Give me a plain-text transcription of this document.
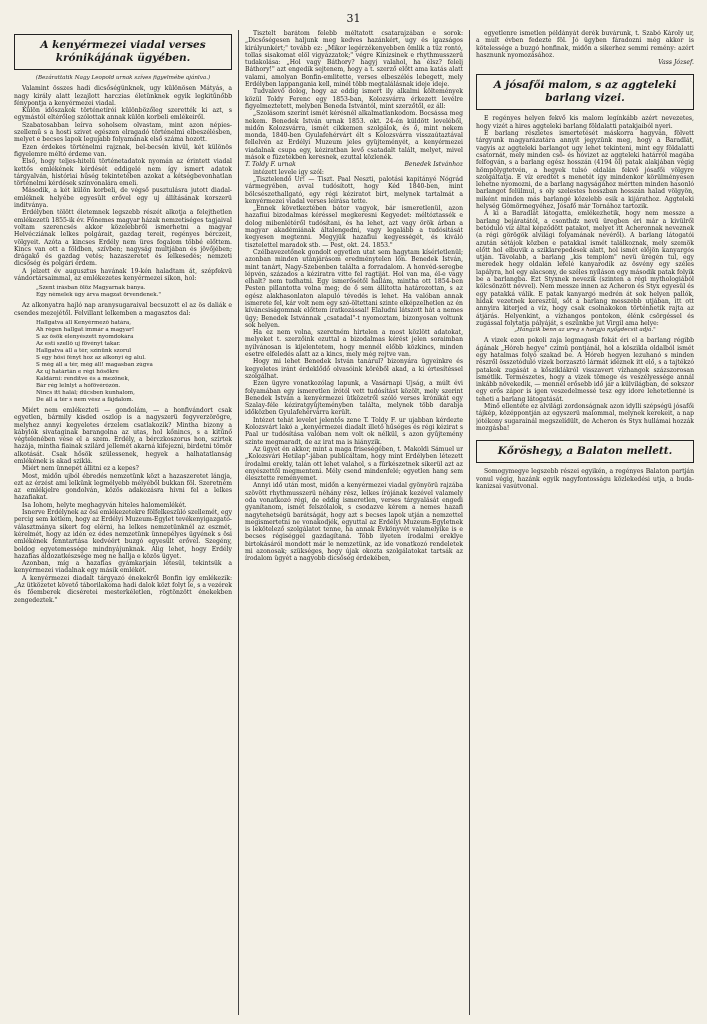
31
A kenyérmezei viadal verses krónikájának ügyében.

(Bezárattatik Nagy Leopold urnak szíves figyelmébe ajánlva.)

Valamint összes hadi dicsőségünknek, ugy különösen Mátyás, a nagy király alatt lezajlott harczias életünknek egyik legkitűnőbb fénypontja a kenyérmezei viadal.

Külön időszakok történetírói különbözőleg szerették ki azt, s egymástól eltérőleg szólottak annak külön korbeli emlékeiről.

Szabatosabban leírva soholsem olvastam, mint azon népies-szellemű s a hosti szivet egészen elragadó történelmi elbeszélésben, melyet e becses lapok legujabb folyamának első száma hozott.

Ezen érdekes történelmi rajznak, bel-becsén kivül, két különös figyelemre méltó érdeme van.

Első, hogy teljes-hitelü történetadatok nyomán az érintett viadal kettős emlékének kérdését eddigelé nem így ismert adatok tárgyalván, históriai hűség tekintetében azokat a kétségbevonhatlan történelmi kérdések színvonalára emeli.

Második, a két külön korbeli, de végső pusztulásra jutott diadal-emléknek helyébe egyesült erővel egy uj állításának korszerü inditványa.

Erdélyben tölött életemnek legszebb részét alkotja a felejthetlen emlékezetü 1855-ik év. Főnemes magyar házak nemzetiséges tagjaival voltam szerencsés akkor közelebbről ismerhetni a magyar Helvécziának lelkes polgárait, gazdag tereit, regényes bérczeit, völgyeit. Azóta a kincses Erdély nem üres fogalom többé előttem. Kincs van ott a földben, szívben; nagyság multjában és jövőjében; drágakő és gazdag vetés; hazaszeretet és lelkesedés; nemzeti dicsőség és polgári érdem.

A jelzett év augusztus havának 19-kén haladtam át, szépfekvü vándortársaimmal, az emlékezetes kenyérmezei sikon, hol:

„Szent írásban ölöz Magyarnak bánya.
Egy némelek úgy árva magzat örvendenek."

Az alkonyatra hajló nap aranysugaraival becsuzott el az ös daliák e csendes mezejétől. Felvillant lelkemben a magasztos dal:

Hallgatva áll Kenyérmező határa,
Ah régen hallgat immár a magyar!
S az ősök elenyészett nyomdokára
Az esti szellő uj fövényt takar.
Hallgatva áll a tér, színünk szorul
S egy hősi fényt hoz az alkonyi ég alul.
S még áll a tér, még áll! magasban zúgva
Az uj határtán e régi hősökre
Kaldárni: rendítve és a mezőnek,
Bár rég lelnlyt a hófövérózón.
Nincs itt halál; dücsben kunhalom,
De áll a tér s nem vész a fájdalom.

Miért nem emlékezteti — gondolám, — a honfivándort csak egyetlen, bármily kisded oszlop is a nagyszerü fegyverzörögre, melyhez annyi kegyeletes érzelem csatlakozik? Mintha bizony a kábylók sivataginak barangolna az utas, hol kőnincs, s a kitűnő végtelenében vése el a szem. Erdély, a bérczkoszorus hon, szirtek hazája, mintha fiainak szilárd jellemét akarná kifejezni, birdetni tömör alkotását. Csak hősök szülessenek, hegyek a halhatatlanság emlékének is akad sziklá.

Miért nem ünnepét állitni ez a kepes?

Most, midőn ujból ébredés nemzetünk közt a hazaszeretet lángja, ezt az érzést ami lelkünk legmélyebb mélyéből bukkan föl. Szeretném az emlékjelre gondolván, közös adakozásra hivni fel a lelkes hazafiakat.

Isa Iohom, helyte meghagyván hiteles halomemlékét.

Isnerve Erdélynek az ösi emlékezetekre fölfelkeszüló szellemét, egy percig sem kétlem, hogy az Erdélyi Muzeum-Egylet tevékenyigazgató-választmánya sikert fog elérni, ha lelkes nemzetünknél az eszmét, kérelmét, hogy az idén ez édes nemzetünk ünnepélyes ügyének s ösi emlékének fenntartása kedvéért buzgó egyesült erővel. Szegény, boldog egyetemessége mindnyájunknak. Alig lehet, hogy Erdély hazafias áldozatkészsége meg ne hallja e közös ügyet.

Azonban, míg a hazafias gyámkarjain létesül, tekintsük a kenyérmezei viadalnak egy másik emlékét.

A kenyérmezei diadalt tárgyazó énekekről Bonfin igy emlékezik: „Az ütközetet követő táborilakoma hadi dalok közt folyt le, s a vezérek és főemberek dicséretei mesterkéletlen, rögtönzött énekekben zengedeztek."

Tisztelt barátom felebb méltatott csatarajzában e sorok: „Dicsőségesen haljunk meg kedves hazánkért, ugy és igazságos királyunkért;" tovább ez: „Mikor legérzékenyebben ömlik a tüz rontó, tollas sisakomat elöl vigyázzatok;" végre Kinizsinek e rhythmusszerü tudakolása: „Hol vagy Báthory? hagyj valahol, ha élsz? felelj Báthory!" azt engedik sejtenem, hogy a t. szerző előtt ama katás alatt valami, amolyan Bonfin-emlitette, verses elbeszélés lebegett, mely Erdélyben lappangania kell, minél több megtalálásnak ideje ideje.

Tudvalevő dolog, hogy az eddig ismert ily alkalmi költemények közül Toldy Ferenc egy 1853-ban, Kolozsvárra érkezett levélre figyelmeztetett, melyben Beneda Istvántól, mint szerzőtől, ez áll:

„Szolásom szerint ismét kérésnél alkalmatlankodom. Bocsássa meg nekem. Benedek István urnak 1853. okt. 24-én küldött leveléből, midőn Kolozsvárra, ismét cikkemen szolgálok, és ő, mint nekem monda, 1840-ben Gyulafehérvárt élt s Kolozsvárra visszaútaztával fellelvén az Erdélyi Muzeum jeles gyüjteményét, a kenyérmezei viadalnak csupa egy, kéziratban levő csatadalt talált, melyet, mivel mások e füzetekben keresnek, ezuttal közlenék.

T. Toldy F. urnak	Benedek Istvánhoz

intézett levele igy szól:

„Tisztelendő Ur! — Tiszt. Paal Neszti, palotási kapitányé Nógrád vármegyében, avval tudósított, hogy Kéd 1840-ben, mint bölcsészethallgató, egy régi kéziratot birt, melynek tartalmát a kenyérmezei viadal verses leirása tette.

„Ennek következtében bátor vagyok, bár ismeretlenül, azon hazafiui bizodalmas kéréssel megkeresni Kegyedet: méltóztassék e dolog mibenlétéről tudósítani, és ha lehet, azt vagy örök árban a magyar akadémiának általengedni, vagy legalább a tudósitását kegyesen megtenni. Megyjük hazafiui kegyességét, és kiváló tisztelettel maradok stb. — Pest, okt. 24. 1853."

Czélbavezetőnek gondolt egyetlen utat sem hagytam kísérletlenül; azonban minden utánjárásom eredménytelen lőn. Benedek István, mint tanárt, Nagy-Szebenben találta a forradalom. A honvéd-seregbe lépvén, százados a kéziratra vitte fel ragtiját. Hol van ma, él-e vagy elhalt? nem tudhatni. Egy ismerősétől hallám, mintha ott 1854-ben Pesten pillantotta volna meg; de ő sem állította határozottan, s az egész alakhasonlaton alapuló tévedés is lehet. Ha valóban annak ismerete fel, kár volt nem egy szó-öltettani szinte elképzelhetlen az én kíváncsiságomnak előttem iratkozással! Elaludni látszott hát a nemes ügy; Benedek Istvánnak „csatadal"-t nyomoztam, bizonyosan voltunk sok helyen.

Ha ez nem volna, szeretném hirtelen a most közlött adatokat, melyeket t. szerzőink ezuttal a bizodalmas kérést jelen soraimban nyilvánosan is kijelentetem, hogy mennél előbb közkincs, minden esetre elfeledés alatt az a kincs, mely még rejtve van.

Hogy mi lehet Benedek István tanárul? bizonyára ügyeinkre és kegyeletes iránt érdeklődő olvasóink köréből akad, a ki értesítéssel szolgálhat.

Ezen ügyre vonatkozólag lapunk, a Vasárnapi Ujság, a múlt évi folyamában egy ismeretlen írótól vett tudósítást közölt, mely szerint Benedek István a kenyérmezei ütközetről szóló verses krónikát egy Szalay-féle kéziratgyüjteményben találta, melynek több darabja időközben Gyulafehérvárra került.

Intézet tehát levelet jelentős zene T. Toldy F. ur ujabban kérdezte Kolozsvárt lakó a „kenyérmezei diadalt illető hűséges és régi kézirat s Paal ur tudósítása valóban nem volt ok nélkül, s azon gyűjtemény szinte megmaradt, de az irat ma is hiányzik.

Az ügyet én akkor, mint a maga friseségében, t. Makoldi Sámuel ur „Kolozsvári Hetilap"-jában publicáltam, hogy mint Erdélyben létezett írodalmi erekly, talán ott lehet valahol, s a fürkészetnek sikerül azt az enyészettől megmenteni. Mély csend mindenfelé; egyetlen hang sem élesztette reményemet.

Annyi idő után most, midőn a kenyérmezei viadal gyönyörü rajzába szövött rhythmusszerü néhány rész, lelkes írójának kezével valamely oda vonatkozó régi, de eddig ismeretlen, verses tárgyalását engedi gyanítanom, ismét felszólalok, s csodazve kérem a nemes hazafi nagytehetségü barátságát, hogy azt s becses lapok utján a nemzettel megismertetni ne vonakodjék, egyuttal az Erdélyi Muzeum-Egyletnek is lekötelező szolgálatot tenne, ha annak Évkönyvét valamelyike is e becses régiséggel gazdagítaná. Tóbb ilyeten írodalmi ereklye birtokásáról mondott már le nemzetünk, az ide vonatkozó rendeletek mi azonosak; szükséges, hogy újak okozta szolgálatokat tartsák az írodalom ügyét a nagyobb dicsőség érdekében,

egyetlenre ismetlen példányát derék buvárunk, t. Szabó Károly ur, a mult évben fedezte föl. Jó ügyben fáradozni még akkor is kötelessége a buzgó honfinak, midőn a sikerhez semmi remény: azért hasznunk nyomozásához.

Vass József.

A jósafői malom, s az aggteleki barlang vizei.

E regényes helyen fekvő kis malom legínkább azért nevezetes, hogy vizét a hires aggteleki barlang földalatti patakjaiból nyeri.

E barlang részletes ismertetését máskorra hagyván, fölvett tárgyunk magyarázatára annyit jegyzünk meg, hogy a Baradlát, vagyis az aggteleki barlangot ugy lehet tekinteni, mint egy földalatti csatornát, mely minden csö- és hóvizet az aggteleki határról magába felfogván, s a barlang egész hosszán (4194 öl) patak alakjában végig hömpölygtetvén, a hegyek tulsó oldalán fekvő jósafői völgyre szolgáltatja. E víz eredtét s menetét így mindenkor körülményesen lehetne nyomozni, de a barlang nagyságához mértten minden hasonló barlangot felülmul, s oly szelestes hosszban hosszán halad völgyön, miként minden más barlangé közelebb esik a kijárathoz. Aggteleki helység Gömörmegyéhez, Jósafő már Tornához tartozik.

A ki a Baradlát látogatta, emlékezhetik, hogy nem messze a barlang bejáratától, a csonthdz nevü üregben éri már a kivülről betóduló víz által képződött patakot, melyet itt Acheronnak neveznek (a régi görögök alvilági folyamának nevéről). A barlang látogatói azután sétájok közben e patakkal ismét találkoznak, mely szemök előtt hol elbuvik a sziklarepedések alatt, hol ismét előjön kanyargós utján. Távolabb, a barlang „kis templom" nevü üregén tul, egy meredek hegy oldalán lefelé kanyarodik az ösvény egy széles lapályra, hol egy alacsony, de széles nyíláson egy második patak folyik be a barlangba. Ezt Styxnek nevezik (szinten a régi mythologiából kölcsönzött névvel). Nem messze innen az Acheron és Styx egyesül és egy patakká válik. E patak kanyargó medrén át sok helyen pallók, hidak vezetnek keresztül, sőt a barlang messzebb utjában, itt ott annyira kiterjed a víz, hogy csak csolnakokon történhetik rajta az átjárás. Helyenkint, a vízhangos pontokon, élénk csörgéssel és zugással folytatja pályáját, s eszünkbe jut Virgil ama helye:

„Hangzik benn az ureg s hangja nyögdecsit adja."

A vizek ezen pokoli zaja legmagasb fokát éri el a barlang régibb ágának „Hóreb hegye" czímü pontjánál, hol a köszikla oldalból ismét egy hatalmas folyó szakad be. A Hóreb hegyen lezuhanó s minden részről összetóduló vizek borzasztó lármát idéznek itt elő, s a tajtékzó patakok zugását a kősziklákról visszavert vízhangok százszorosan ismétlik. Természetes, hogy a vizek tömege és veszélyessége annál inkább növekedik, — mennél erősebb idő jár a külvilágban, de sokszor egy erős zápor is igen veszedelmessé tesz egy idore lehetetlenné is teheti a barlang látogatását.

Minő ellentéte ez alvilági zordonságnak azon idylli szépségü jósafői tájkép, középpontján az egyszerü malommal, melynek kerekeit, a nap jótékony sugarainál megszelídült, de Acheron és Styx hullámai hozzák mozgásba!

Kőröshegy, a Balaton mellett.

Somogymegye legszebb részei egyikén, a regényes Balaton partján vonul végig, hazánk egyik nagyfontosságu közlekedési utja, a buda-kanizsai vasútvonal.
